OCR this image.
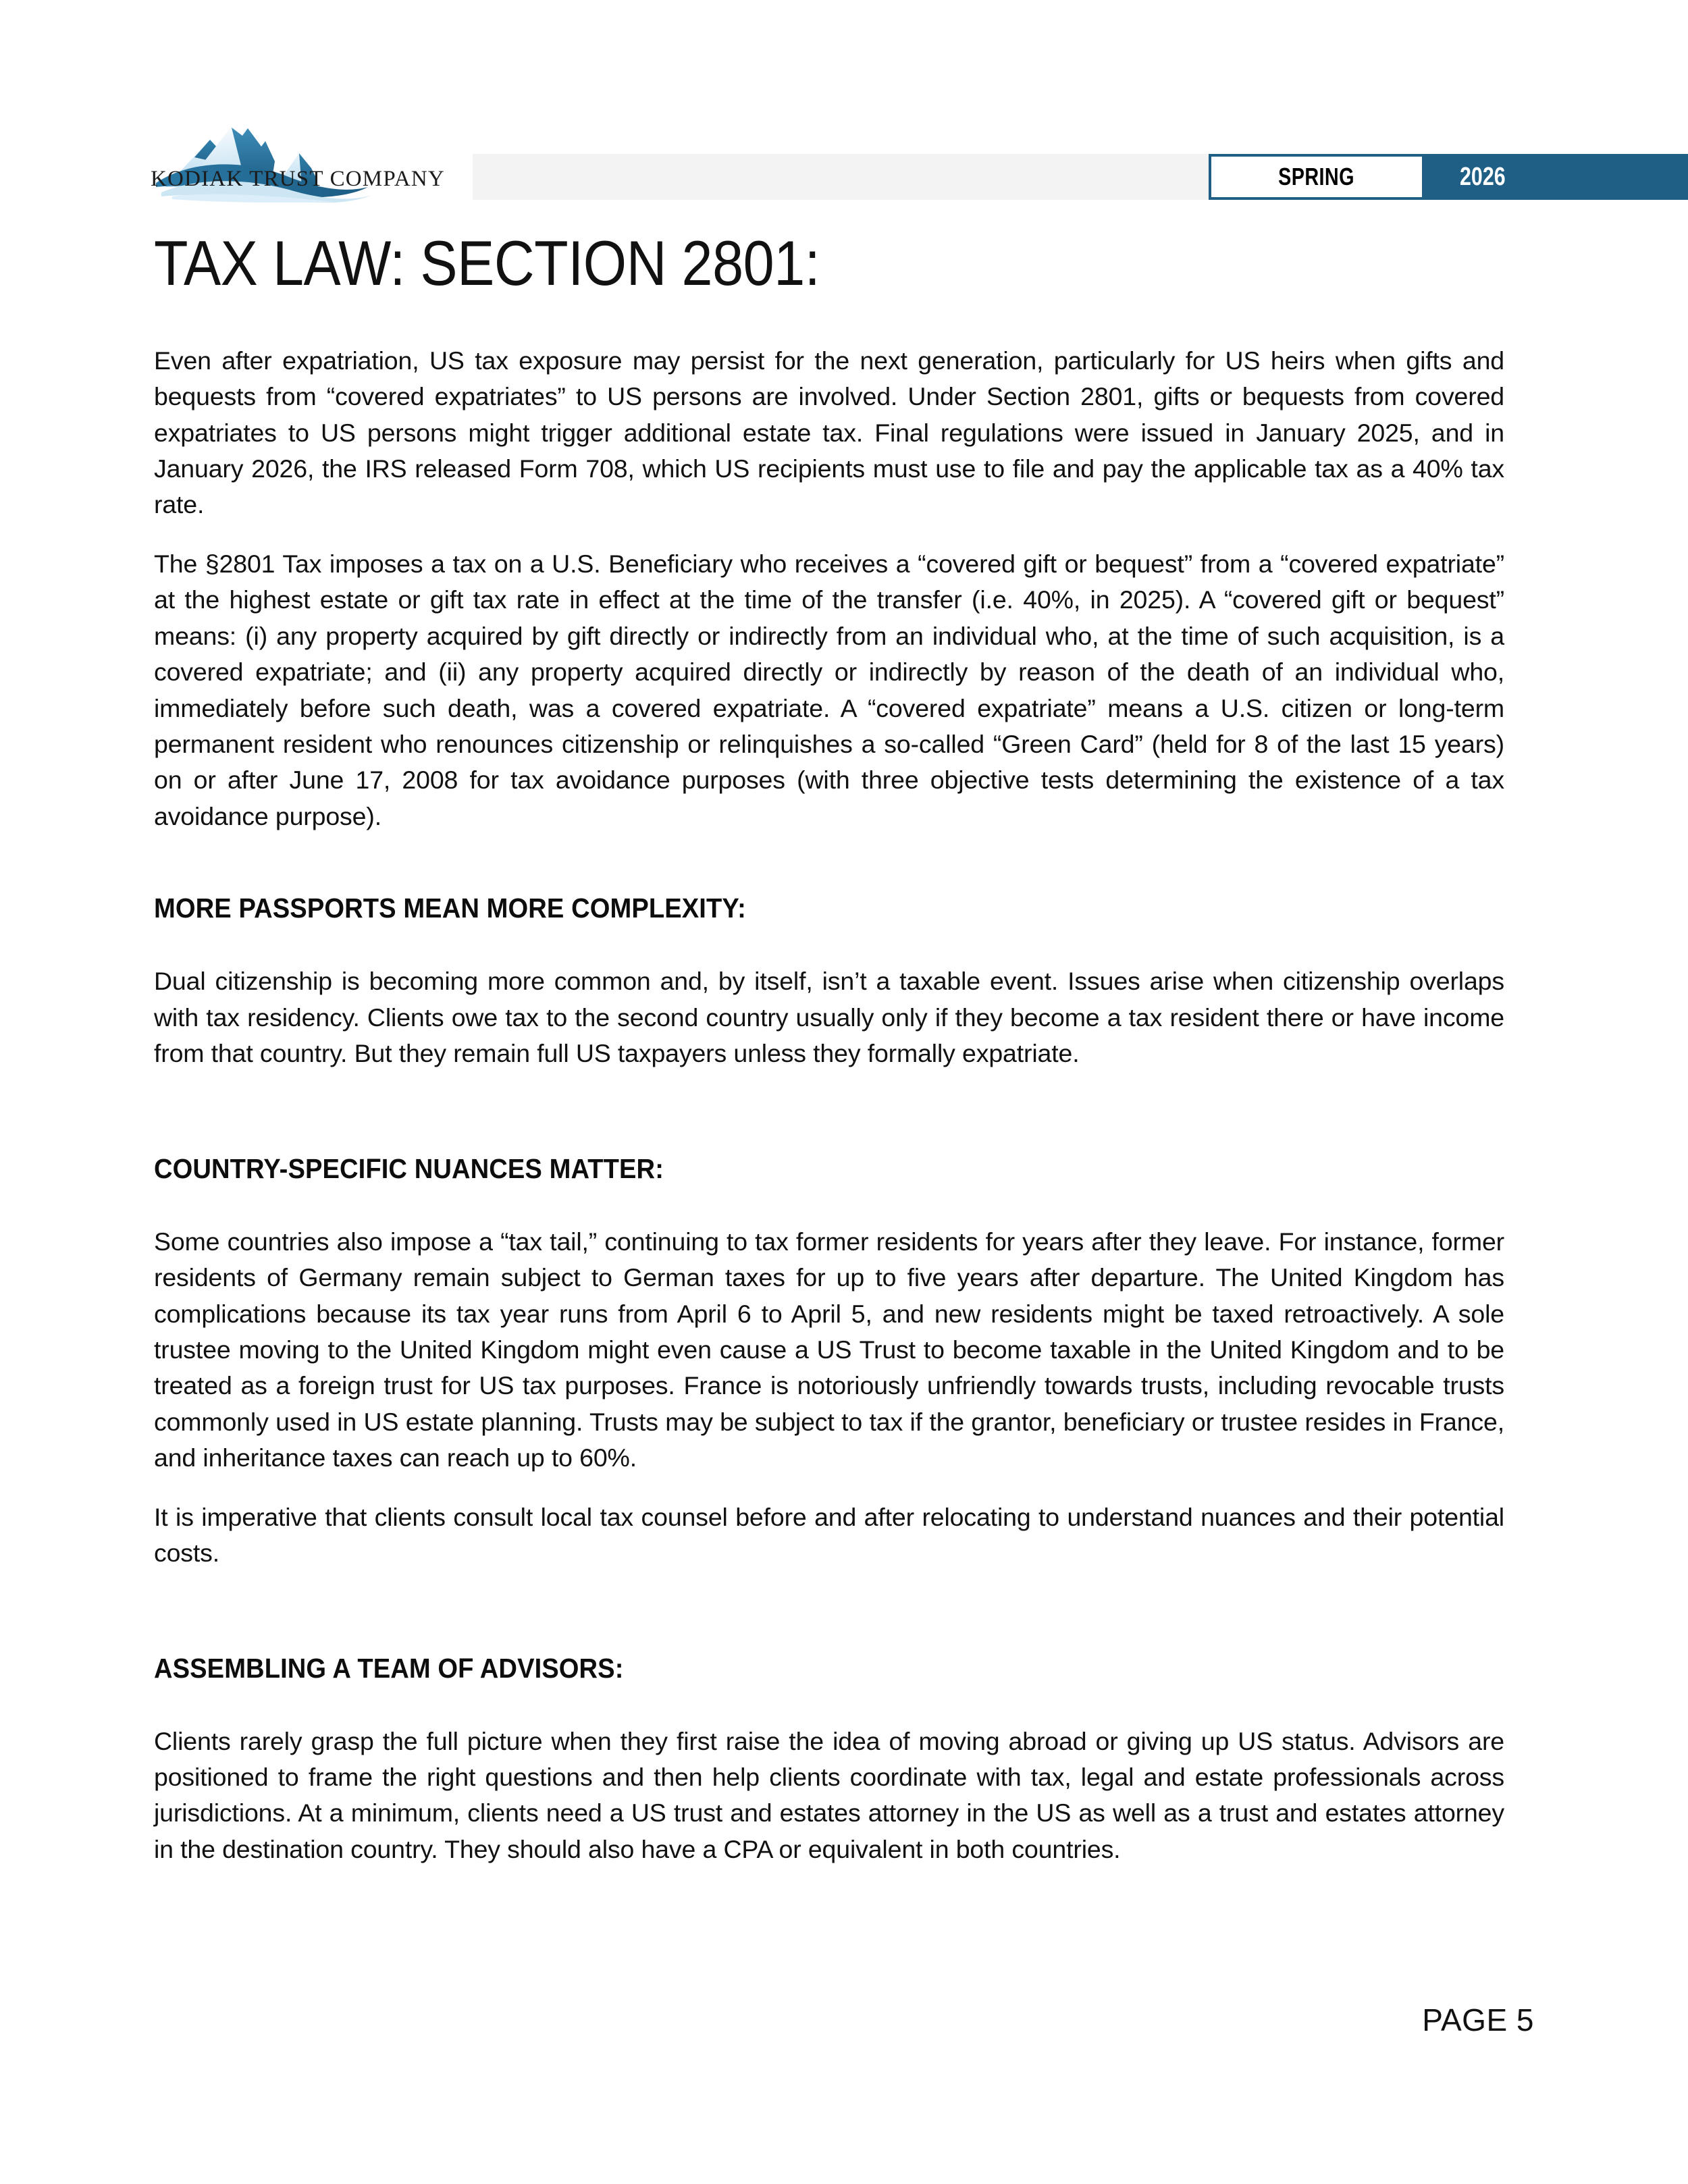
SPRING	2026
KODIAK TRUST COMPANY
TAX LAW: SECTION 2801:

Even after expatriation, US tax exposure may persist for the next generation, particularly for US heirs when gifts and bequests from “covered expatriates” to US persons are involved. Under Section 2801, gifts or bequests from covered expatriates to US persons might trigger additional estate tax. Final regulations were issued in January 2025, and in January 2026, the IRS released Form 708, which US recipients must use to file and pay the applicable tax as a 40% tax rate.

The §2801 Tax imposes a tax on a U.S. Beneficiary who receives a “covered gift or bequest” from a “covered expatriate” at the highest estate or gift tax rate in effect at the time of the transfer (i.e. 40%, in 2025). A “covered gift or bequest” means: (i) any property acquired by gift directly or indirectly from an individual who, at the time of such acquisition, is a covered expatriate; and (ii) any property acquired directly or indirectly by reason of the death of an individual who, immediately before such death, was a covered expatriate. A “covered expatriate” means a U.S. citizen or long-term permanent resident who renounces citizenship or relinquishes a so-called “Green Card” (held for 8 of the last 15 years) on or after June 17, 2008 for tax avoidance purposes (with three objective tests determining the existence of a tax avoidance purpose).

MORE PASSPORTS MEAN MORE COMPLEXITY:

Dual citizenship is becoming more common and, by itself, isn’t a taxable event. Issues arise when citizenship overlaps with tax residency. Clients owe tax to the second country usually only if they become a tax resident there or have income from that country. But they remain full US taxpayers unless they formally expatriate.

COUNTRY-SPECIFIC NUANCES MATTER:

Some countries also impose a “tax tail,” continuing to tax former residents for years after they leave. For instance, former residents of Germany remain subject to German taxes for up to five years after departure. The United Kingdom has complications because its tax year runs from April 6 to April 5, and new residents might be taxed retroactively. A sole trustee moving to the United Kingdom might even cause a US Trust to become taxable in the United Kingdom and to be treated as a foreign trust for US tax purposes. France is notoriously unfriendly towards trusts, including revocable trusts commonly used in US estate planning. Trusts may be subject to tax if the grantor, beneficiary or trustee resides in France, and inheritance taxes can reach up to 60%.

It is imperative that clients consult local tax counsel before and after relocating to understand nuances and their potential costs.

ASSEMBLING A TEAM OF ADVISORS:

Clients rarely grasp the full picture when they first raise the idea of moving abroad or giving up US status. Advisors are positioned to frame the right questions and then help clients coordinate with tax, legal and estate professionals across jurisdictions. At a minimum, clients need a US trust and estates attorney in the US as well as a trust and estates attorney in the destination country. They should also have a CPA or equivalent in both countries.

PAGE 5
